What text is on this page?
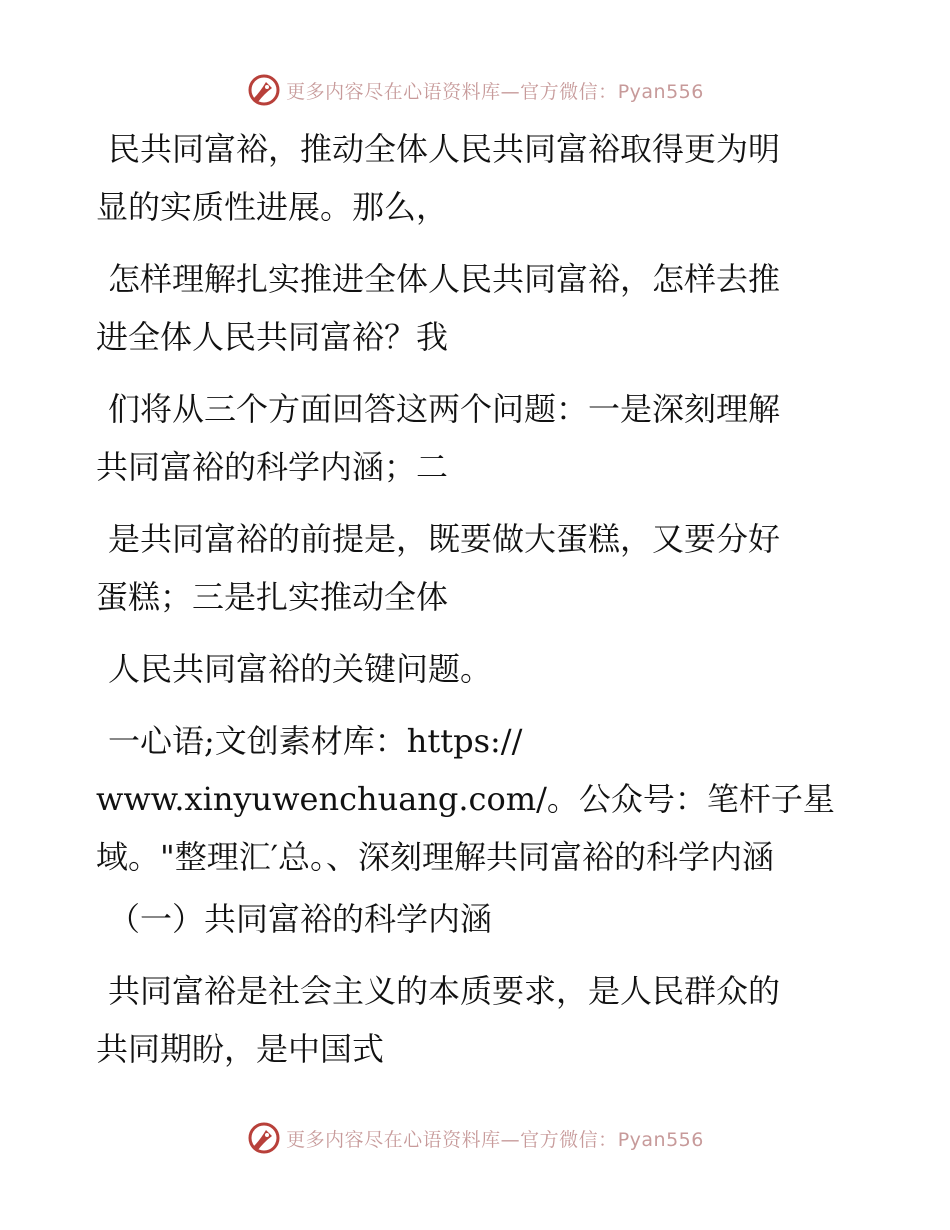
更多内容尽在心语资料库—官方微信：Pyan556

民共同富裕，推动全体人民共同富裕取得更为明
显的实质性进展。那么，

怎样理解扎实推进全体人民共同富裕，怎样去推
进全体人民共同富裕？我

们将从三个方面回答这两个问题：一是深刻理解
共同富裕的科学内涵；二

是共同富裕的前提是，既要做大蛋糕，又要分好
蛋糕；三是扎实推动全体

人民共同富裕的关键问题。

一心语;文创素材库：https://
www.xinyuwenchuang.com/。公众号：笔杆子星
域。"整理汇′总。、深刻理解共同富裕的科学内涵

（一）共同富裕的科学内涵

共同富裕是社会主义的本质要求，是人民群众的
共同期盼，是中国式

更多内容尽在心语资料库—官方微信：Pyan556
